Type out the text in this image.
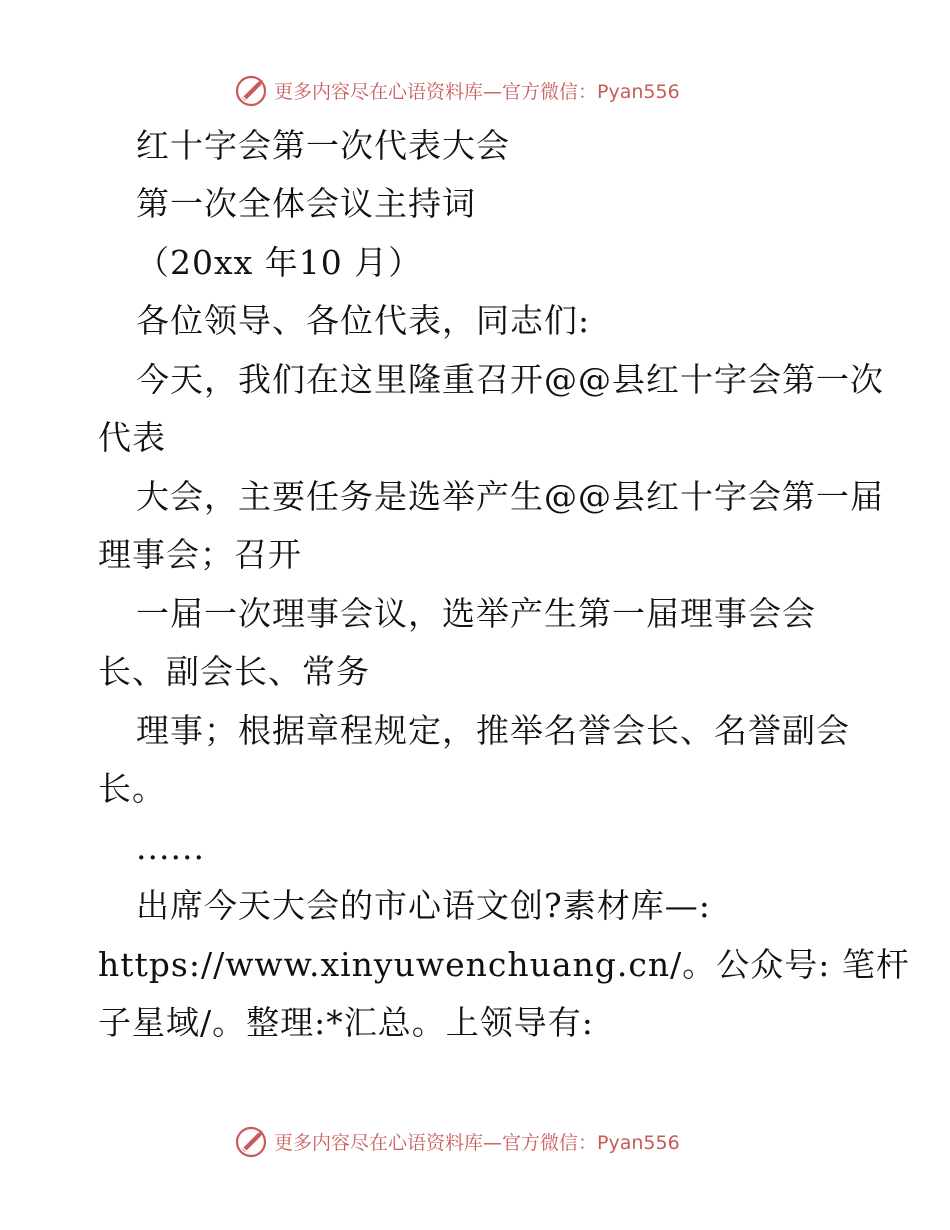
更多内容尽在心语资料库—官方微信：Pyan556
红十字会第一次代表大会
第一次全体会议主持词
（20xx 年10 月）
各位领导、各位代表，同志们:
今天，我们在这里隆重召开@@县红十字会第一次
代表
大会，主要任务是选举产生@@县红十字会第一届
理事会；召开
一届一次理事会议，选举产生第一届理事会会
长、副会长、常务
理事；根据章程规定，推举名誉会长、名誉副会
长。
......
出席今天大会的市心语文创?素材库—:
https://www.xinyuwenchuang.cn/。公众号: 笔杆
子星域/。整理:*汇总。上领导有:
更多内容尽在心语资料库—官方微信：Pyan556
